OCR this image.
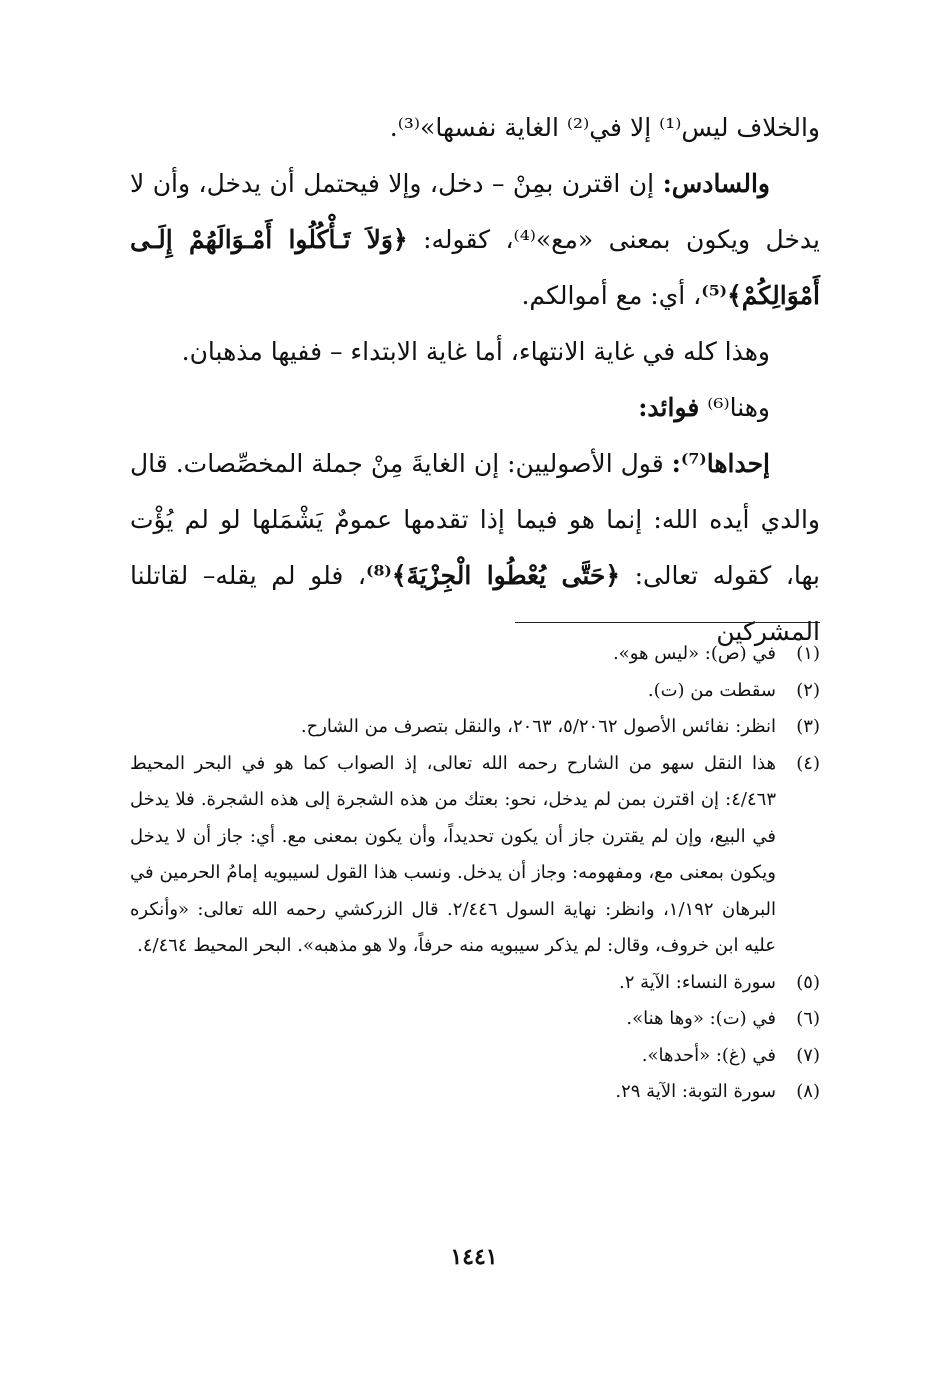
والخلاف ليس⁽¹⁾ إلا في⁽²⁾ الغاية نفسها»⁽³⁾.

والسادس: إن اقترن بمِنْ – دخل، وإلا فيحتمل أن يدخل، وأن لا يدخل ويكون بمعنى «مع»⁽⁴⁾، كقوله: ﴿وَلاَ تَـأْكُلُوا أَمْـوَالَهُمْ إِلَـى أَمْوَالِكُمْ﴾⁽⁵⁾، أي: مع أموالكم.

وهذا كله في غاية الانتهاء، أما غاية الابتداء – ففيها مذهبان.

وهنا⁽⁶⁾ فوائد:

إحداها⁽⁷⁾: قول الأصوليين: إن الغايةَ مِنْ جملة المخصِّصات. قال والدي أيده الله: إنما هو فيما إذا تقدمها عمومٌ يَشْمَلها لو لم يُؤْت بها، كقوله تعالى: ﴿حَتَّى يُعْطُوا الْجِزْيَةَ﴾⁽⁸⁾، فلو لم يقله– لقاتلنا المشركين

(١)
في (ص): «ليس هو».
(٢)
سقطت من (ت).
(٣)
انظر: نفائس الأصول ٥/٢٠٦٢، ٢٠٦٣، والنقل بتصرف من الشارح.
(٤)
هذا النقل سهو من الشارح رحمه الله تعالى، إذ الصواب كما هو في البحر المحيط ٤/٤٦٣: إن اقترن بمن لم يدخل، نحو: بعتك من هذه الشجرة إلى هذه الشجرة. فلا يدخل في البيع، وإن لم يقترن جاز أن يكون تحديداً، وأن يكون بمعنى مع. أي: جاز أن لا يدخل ويكون بمعنى مع، ومفهومه: وجاز أن يدخل. ونسب هذا القول لسيبويه إمامُ الحرمين في البرهان ١/١٩٢، وانظر: نهاية السول ٢/٤٤٦. قال الزركشي رحمه الله تعالى: «وأنكره عليه ابن خروف، وقال: لم يذكر سيبويه منه حرفاً، ولا هو مذهبه». البحر المحيط ٤/٤٦٤.
(٥)
سورة النساء: الآية ٢.
(٦)
في (ت): «وها هنا».
(٧)
في (غ): «أحدها».
(٨)
سورة التوبة: الآية ٢٩.
١٤٤١
